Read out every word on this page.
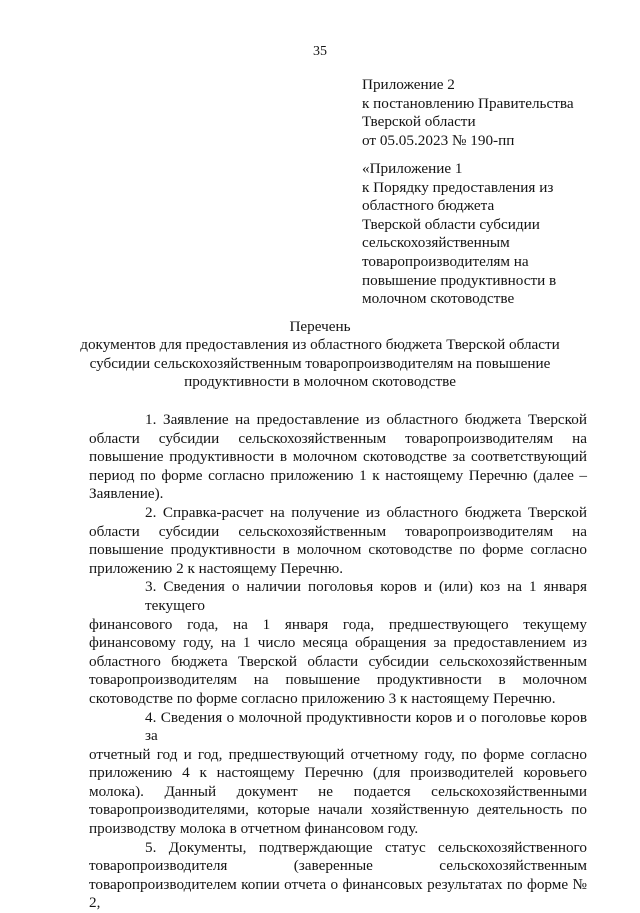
35
Приложение 2
к постановлению Правительства
Тверской области
от 05.05.2023 № 190-пп
«Приложение 1
к Порядку предоставления из
областного бюджета
Тверской области субсидии
сельскохозяйственным
товаропроизводителям на
повышение продуктивности в
молочном скотоводстве
Перечень
документов для предоставления из областного бюджета Тверской области
субсидии сельскохозяйственным товаропроизводителям на повышение
продуктивности в молочном скотоводстве
1. Заявление на предоставление из областного бюджета Тверской
области субсидии сельскохозяйственным товаропроизводителям на
повышение продуктивности в молочном скотоводстве за соответствующий
период по форме согласно приложению 1 к настоящему Перечню (далее –
Заявление).
2. Справка-расчет на получение из областного бюджета Тверской
области субсидии сельскохозяйственным товаропроизводителям на
повышение продуктивности в молочном скотоводстве по форме согласно
приложению 2 к настоящему Перечню.
3. Сведения о наличии поголовья коров и (или) коз на 1 января текущего
финансового года, на 1 января года, предшествующего текущему
финансовому году, на 1 число месяца обращения за предоставлением из
областного бюджета Тверской области субсидии сельскохозяйственным
товаропроизводителям на повышение продуктивности в молочном
скотоводстве по форме согласно приложению 3 к настоящему Перечню.
4. Сведения о молочной продуктивности коров и о поголовье коров за
отчетный год и год, предшествующий отчетному году, по форме согласно
приложению 4 к настоящему Перечню (для производителей коровьего
молока). Данный документ не подается сельскохозяйственными
товаропроизводителями, которые начали хозяйственную деятельность по
производству молока в отчетном финансовом году.
5. Документы, подтверждающие статус сельскохозяйственного
товаропроизводителя (заверенные сельскохозяйственным
товаропроизводителем копии отчета о финансовых результатах по форме № 2,
